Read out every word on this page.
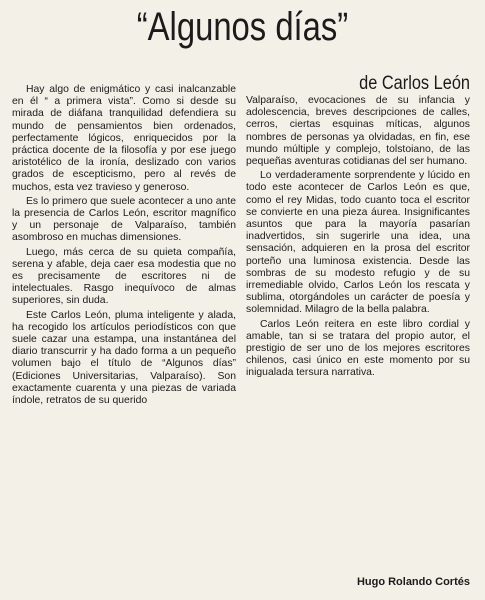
“Algunos días”
de Carlos León

Hay algo de enigmático y casi inalcanzable en él “ a primera vista”. Como si desde su mirada de diáfana tranquilidad defendiera su mundo de pensamientos bien ordenados, perfectamente lógicos, enriquecidos por la práctica docente de la filosofía y por ese juego aristotélico de la ironía, deslizado con varios grados de escepticismo, pero al revés de muchos, esta vez travieso y generoso.

Es lo primero que suele acontecer a uno ante la presencia de Carlos León, escritor magnífico y un personaje de Valparaíso, también asombroso en muchas dimensiones.

Luego, más cerca de su quieta compañía, serena y afable, deja caer esa modestia que no es precisamente de escritores ni de intelectuales. Rasgo inequívoco de almas superiores, sin duda.

Este Carlos León, pluma inteligente y alada, ha recogido los artículos periodísticos con que suele cazar una estampa, una instantánea del diario transcurrir y ha dado forma a un pequeño volumen bajo el título de “Algunos días” (Ediciones Universitarias, Valparaíso). Son exactamente cuarenta y una piezas de variada índole, retratos de su querido

Valparaíso, evocaciones de su infancia y adolescencia, breves descripciones de calles, cerros, ciertas esquinas míticas, algunos nombres de personas ya olvidadas, en fin, ese mundo múltiple y complejo, tolstoiano, de las pequeñas aventuras cotidianas del ser humano.

Lo verdaderamente sorprendente y lúcido en todo este acontecer de Carlos León es que, como el rey Midas, todo cuanto toca el escritor se convierte en una pieza áurea. Insignificantes asuntos que para la mayoría pasarían inadvertidos, sin sugerirle una idea, una sensación, adquieren en la prosa del escritor porteño una luminosa existencia. Desde las sombras de su modesto refugio y de su irremediable olvido, Carlos León los rescata y sublima, otorgándoles un carácter de poesía y solemnidad. Milagro de la bella palabra.

Carlos León reitera en este libro cordial y amable, tan si se tratara del propio autor, el prestigio de ser uno de los mejores escritores chilenos, casi único en este momento por su inigualada tersura narrativa.

Hugo Rolando Cortés
